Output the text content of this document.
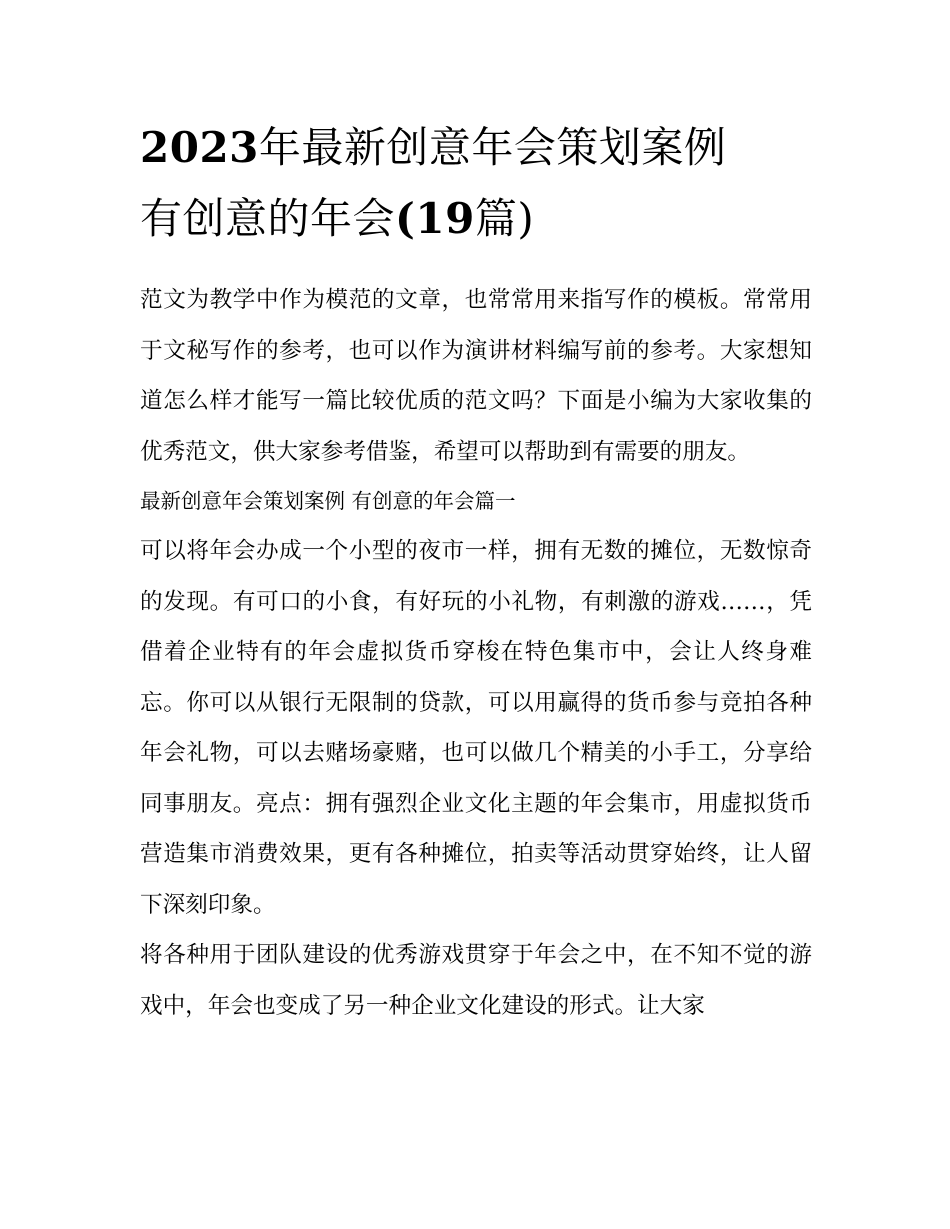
2023年最新创意年会策划案例
有创意的年会(19篇)

范文为教学中作为模范的文章，也常常用来指写作的模板。常常用于文秘写作的参考，也可以作为演讲材料编写前的参考。大家想知道怎么样才能写一篇比较优质的范文吗？下面是小编为大家收集的优秀范文，供大家参考借鉴，希望可以帮助到有需要的朋友。

最新创意年会策划案例 有创意的年会篇一

可以将年会办成一个小型的夜市一样，拥有无数的摊位，无数惊奇的发现。有可口的小食，有好玩的小礼物，有刺激的游戏……，凭借着企业特有的年会虚拟货币穿梭在特色集市中，会让人终身难忘。你可以从银行无限制的贷款，可以用赢得的货币参与竞拍各种年会礼物，可以去赌场豪赌，也可以做几个精美的小手工，分享给同事朋友。亮点：拥有强烈企业文化主题的年会集市，用虚拟货币营造集市消费效果，更有各种摊位，拍卖等活动贯穿始终，让人留下深刻印象。

将各种用于团队建设的优秀游戏贯穿于年会之中，在不知不觉的游戏中，年会也变成了另一种企业文化建设的形式。让大家
